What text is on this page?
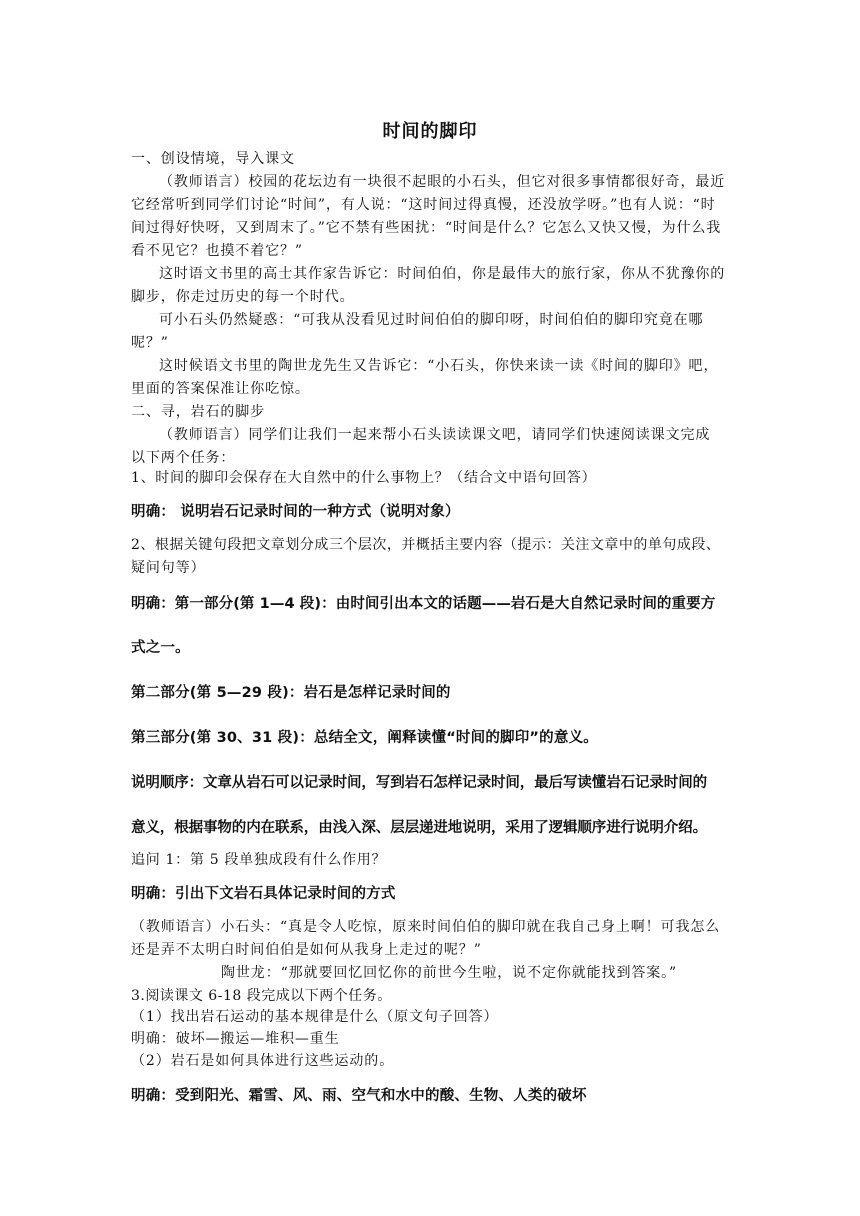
时间的脚印
一、创设情境，导入课文
（教师语言）校园的花坛边有一块很不起眼的小石头，但它对很多事情都很好奇，最近
它经常听到同学们讨论“时间”，有人说：“这时间过得真慢，还没放学呀。”也有人说：“时
间过得好快呀，又到周末了。”它不禁有些困扰：“时间是什么？它怎么又快又慢，为什么我
看不见它？也摸不着它？”
这时语文书里的高士其作家告诉它：时间伯伯，你是最伟大的旅行家，你从不犹豫你的
脚步，你走过历史的每一个时代。
可小石头仍然疑惑：“可我从没看见过时间伯伯的脚印呀，时间伯伯的脚印究竟在哪
呢？”
这时候语文书里的陶世龙先生又告诉它：“小石头，你快来读一读《时间的脚印》吧，
里面的答案保准让你吃惊。
二、寻，岩石的脚步
（教师语言）同学们让我们一起来帮小石头读读课文吧，请同学们快速阅读课文完成
以下两个任务：
1、时间的脚印会保存在大自然中的什么事物上？（结合文中语句回答）
明确： 说明岩石记录时间的一种方式（说明对象）
2、根据关键句段把文章划分成三个层次，并概括主要内容（提示：关注文章中的单句成段、
疑问句等）
明确：第一部分(第 1—4 段)：由时间引出本文的话题——岩石是大自然记录时间的重要方
式之一。
第二部分(第 5—29 段)：岩石是怎样记录时间的
第三部分(第 30、31 段)：总结全文，阐释读懂“时间的脚印”的意义。
说明顺序：文章从岩石可以记录时间，写到岩石怎样记录时间，最后写读懂岩石记录时间的
意义，根据事物的内在联系，由浅入深、层层递进地说明，采用了逻辑顺序进行说明介绍。
追问 1：第 5 段单独成段有什么作用？
明确：引出下文岩石具体记录时间的方式
（教师语言）小石头：“真是令人吃惊，原来时间伯伯的脚印就在我自己身上啊！可我怎么
还是弄不太明白时间伯伯是如何从我身上走过的呢？”
陶世龙：“那就要回忆回忆你的前世今生啦，说不定你就能找到答案。”
3.阅读课文 6-18 段完成以下两个任务。
（1）找出岩石运动的基本规律是什么（原文句子回答）
明确：破坏—搬运—堆积—重生
（2）岩石是如何具体进行这些运动的。
明确：受到阳光、霜雪、风、雨、空气和水中的酸、生物、人类的破坏
